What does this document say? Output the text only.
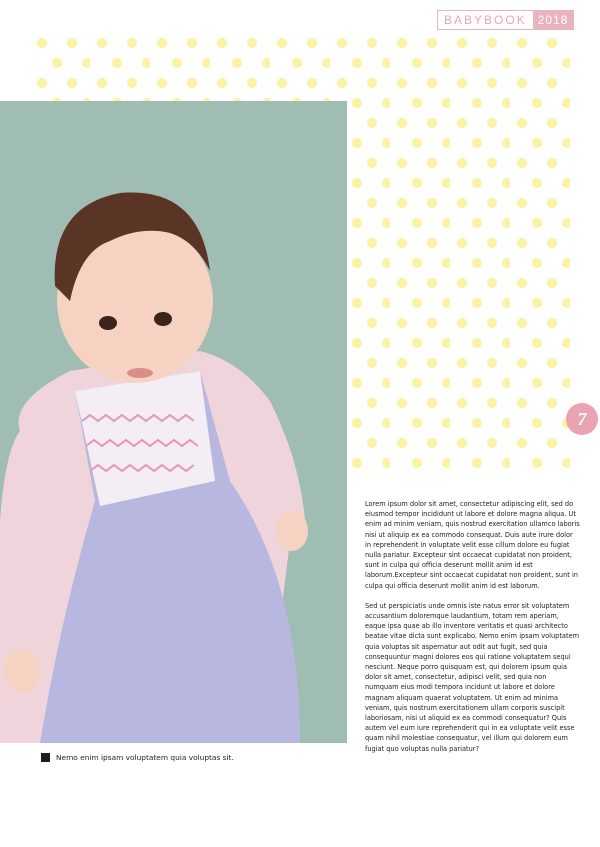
BABYBOOK 2018
7

Lorem ipsum dolor sit amet, consectetur adipiscing elit, sed do eiusmod tempor incididunt ut labore et dolore magna aliqua. Ut enim ad minim veniam, quis nostrud exercitation ullamco laboris nisi ut aliquip ex ea commodo consequat. Duis aute irure dolor in reprehenderit in voluptate velit esse cillum dolore eu fugiat nulla pariatur. Excepteur sint occaecat cupidatat non proident, sunt in culpa qui officia deserunt mollit anim id est laborum.Excepteur sint occaecat cupidatat non proident, sunt in culpa qui officia deserunt mollit anim id est laborum.

Sed ut perspiciatis unde omnis iste natus error sit voluptatem accusantium doloremque laudantium, totam rem aperiam, eaque ipsa quae ab illo inventore veritatis et quasi architecto beatae vitae dicta sunt explicabo. Nemo enim ipsam voluptatem quia voluptas sit aspernatur aut odit aut fugit, sed quia consequuntur magni dolores eos qui ratione voluptatem sequi nesciunt. Neque porro quisquam est, qui dolorem ipsum quia dolor sit amet, consectetur, adipisci velit, sed quia non numquam eius modi tempora incidunt ut labore et dolore magnam aliquam quaerat voluptatem. Ut enim ad minima veniam, quis nostrum exercitationem ullam corporis suscipit laboriosam, nisi ut aliquid ex ea commodi consequatur? Quis autem vel eum iure reprehenderit qui in ea voluptate velit esse quam nihil molestiae consequatur, vel illum qui dolorem eum fugiat quo voluptas nulla pariatur?

Nemo enim ipsam voluptatem quia voluptas sit.
